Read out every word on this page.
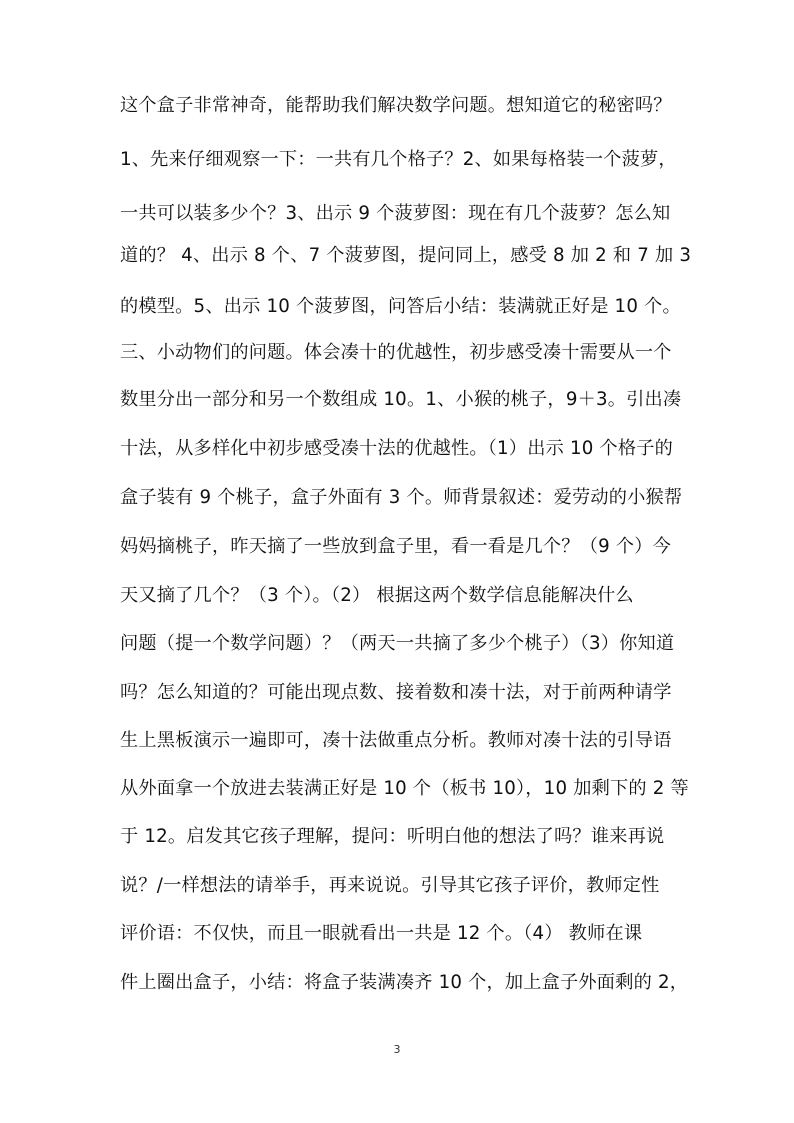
这个盒子非常神奇，能帮助我们解决数学问题。想知道它的秘密吗？
1、先来仔细观察一下：一共有几个格子？2、如果每格装一个菠萝，
一共可以装多少个？3、出示 9 个菠萝图：现在有几个菠萝？怎么知
道的？ 4、出示 8 个、7 个菠萝图，提问同上，感受 8 加 2 和 7 加 3
的模型。5、出示 10 个菠萝图，问答后小结：装满就正好是 10 个。
三、小动物们的问题。体会凑十的优越性，初步感受凑十需要从一个
数里分出一部分和另一个数组成 10。1、小猴的桃子，9＋3。引出凑
十法，从多样化中初步感受凑十法的优越性。（1）出示 10 个格子的
盒子装有 9 个桃子，盒子外面有 3 个。师背景叙述：爱劳动的小猴帮
妈妈摘桃子，昨天摘了一些放到盒子里，看一看是几个？（9 个）今
天又摘了几个？（3 个）。（2） 根据这两个数学信息能解决什么
问题（提一个数学问题）？（两天一共摘了多少个桃子）（3）你知道
吗？怎么知道的？可能出现点数、接着数和凑十法，对于前两种请学
生上黑板演示一遍即可，凑十法做重点分析。教师对凑十法的引导语
从外面拿一个放进去装满正好是 10 个（板书 10），10 加剩下的 2 等
于 12。启发其它孩子理解，提问：听明白他的想法了吗？谁来再说
说？/一样想法的请举手，再来说说。引导其它孩子评价，教师定性
评价语：不仅快，而且一眼就看出一共是 12 个。（4） 教师在课
件上圈出盒子，小结：将盒子装满凑齐 10 个，加上盒子外面剩的 2，
3
